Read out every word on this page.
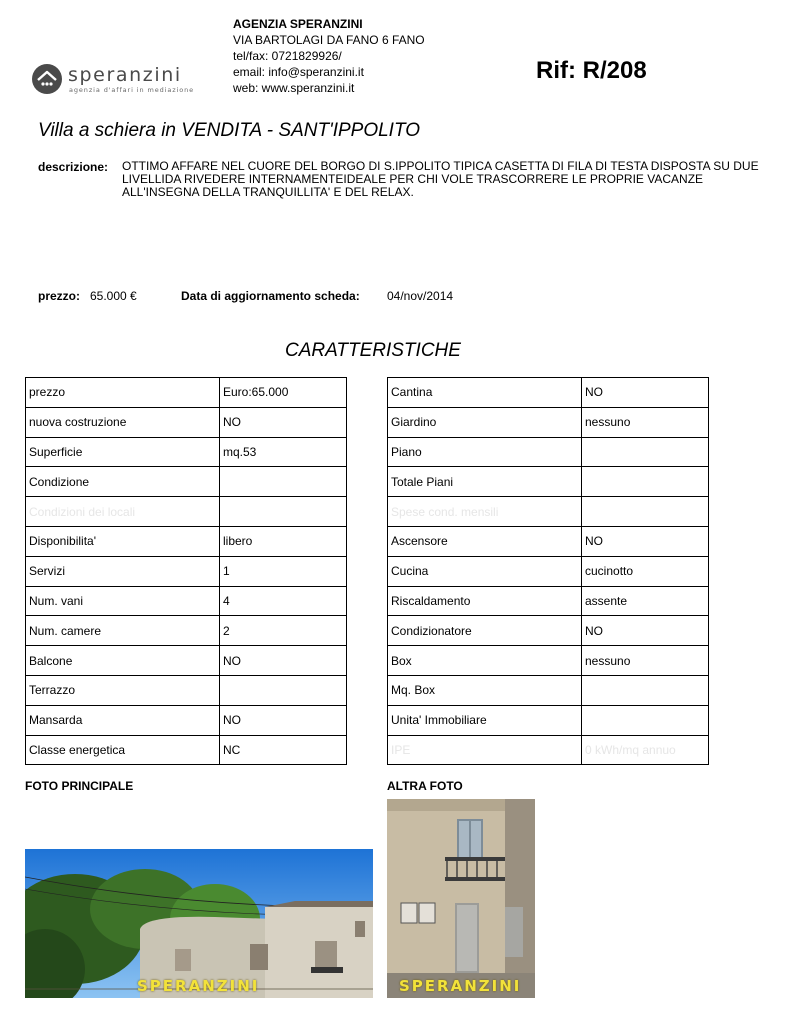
speranzini
agenzia d'affari in mediazione
AGENZIA SPERANZINI
VIA BARTOLAGI DA FANO 6 FANO
tel/fax: 0721829926/
email: info@speranzini.it
web: www.speranzini.it
Rif: R/208
Villa a schiera in VENDITA - SANT'IPPOLITO
descrizione: OTTIMO AFFARE NEL CUORE DEL BORGO DI S.IPPOLITO TIPICA CASETTA DI FILA DI TESTA DISPOSTA SU DUE LIVELLIDA RIVEDERE INTERNAMENTEIDEALE PER CHI VOLE TRASCORRERE LE PROPRIE VACANZE ALL'INSEGNA DELLA TRANQUILLITA' E DEL RELAX.
prezzo: 65.000 €	Data di aggiornamento scheda: 04/nov/2014
CARATTERISTICHE
prezzo	Euro:65.000
nuova costruzione	NO
Superficie	mq.53
Condizione	
Condizioni dei locali	
Disponibilita'	libero
Servizi	1
Num. vani	4
Num. camere	2
Balcone	NO
Terrazzo	
Mansarda	NO
Classe energetica	NC
Cantina	NO
Giardino	nessuno
Piano	
Totale Piani	
Spese cond. mensili	
Ascensore	NO
Cucina	cucinotto
Riscaldamento	assente
Condizionatore	NO
Box	nessuno
Mq. Box	
Unita' Immobiliare	
IPE	0 kWh/mq annuo
FOTO PRINCIPALE	ALTRA FOTO
SPERANZINI	SPERANZINI
